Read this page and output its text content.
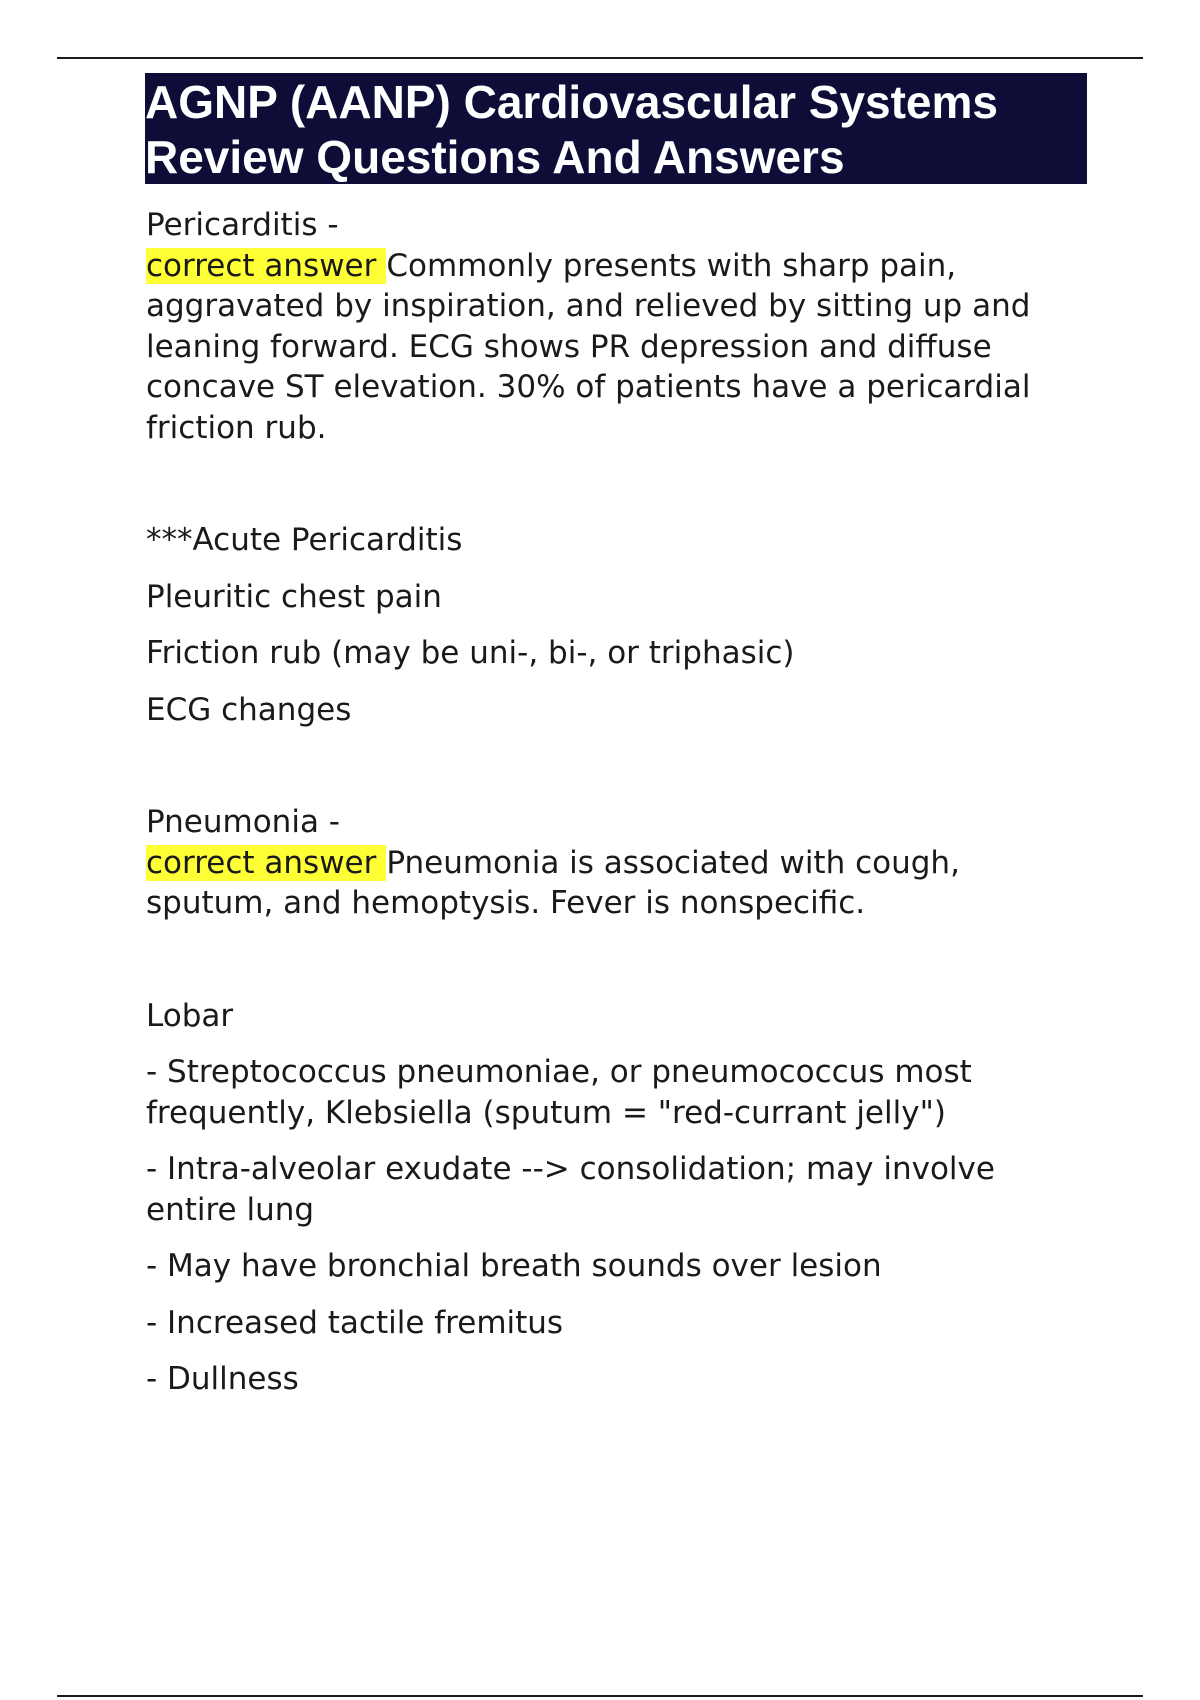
AGNP (AANP) Cardiovascular Systems
Review Questions And Answers

Pericarditis -

correct answer Commonly presents with sharp pain,

aggravated by inspiration, and relieved by sitting up and

leaning forward. ECG shows PR depression and diffuse

concave ST elevation. 30% of patients have a pericardial

friction rub.

***Acute Pericarditis

Pleuritic chest pain

Friction rub (may be uni-, bi-, or triphasic)

ECG changes

Pneumonia -

correct answer Pneumonia is associated with cough,

sputum, and hemoptysis. Fever is nonspecific.

Lobar

- Streptococcus pneumoniae, or pneumococcus most

frequently, Klebsiella (sputum = "red-currant jelly")

- Intra-alveolar exudate --> consolidation; may involve

entire lung

- May have bronchial breath sounds over lesion

- Increased tactile fremitus

- Dullness
